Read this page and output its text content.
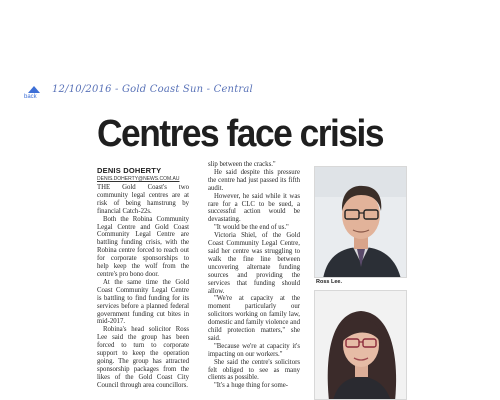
back
12/10/2016 - Gold Coast Sun - Central
Centres face crisis
DENIS DOHERTY
DENIS.DOHERTY@NEWS.COM.AU

THE Gold Coast's two community legal centres are at risk of being hamstrung by financial Catch-22s.

Both the Robina Community Legal Centre and Gold Coast Community Legal Centre are battling funding crisis, with the Robina centre forced to reach out for corporate sponsorships to help keep the wolf from the centre's pro bono door.

At the same time the Gold Coast Community Legal Centre is battling to find funding for its services before a planned federal government funding cut bites in mid-2017.

Robina's head solicitor Ross Lee said the group has been forced to turn to corporate support to keep the operation going. The group has attracted sponsorship packages from the likes of the Gold Coast City Council through area councillors.

slip between the cracks."

He said despite this pressure the centre had just passed its fifth audit.

However, he said while it was rare for a CLC to be sued, a successful action would be devastating.

"It would be the end of us."

Victoria Shiel, of the Gold Coast Community Legal Centre, said her centre was struggling to walk the fine line between uncovering alternate funding sources and providing the services that funding should allow.

"We're at capacity at the moment particularly our solicitors working on family law, domestic and family violence and child protection matters," she said.

"Because we're at capacity it's impacting on our workers."

She said the centre's solicitors felt obliged to see as many clients as possible.

"It's a huge thing for some-

Ross Lee.
